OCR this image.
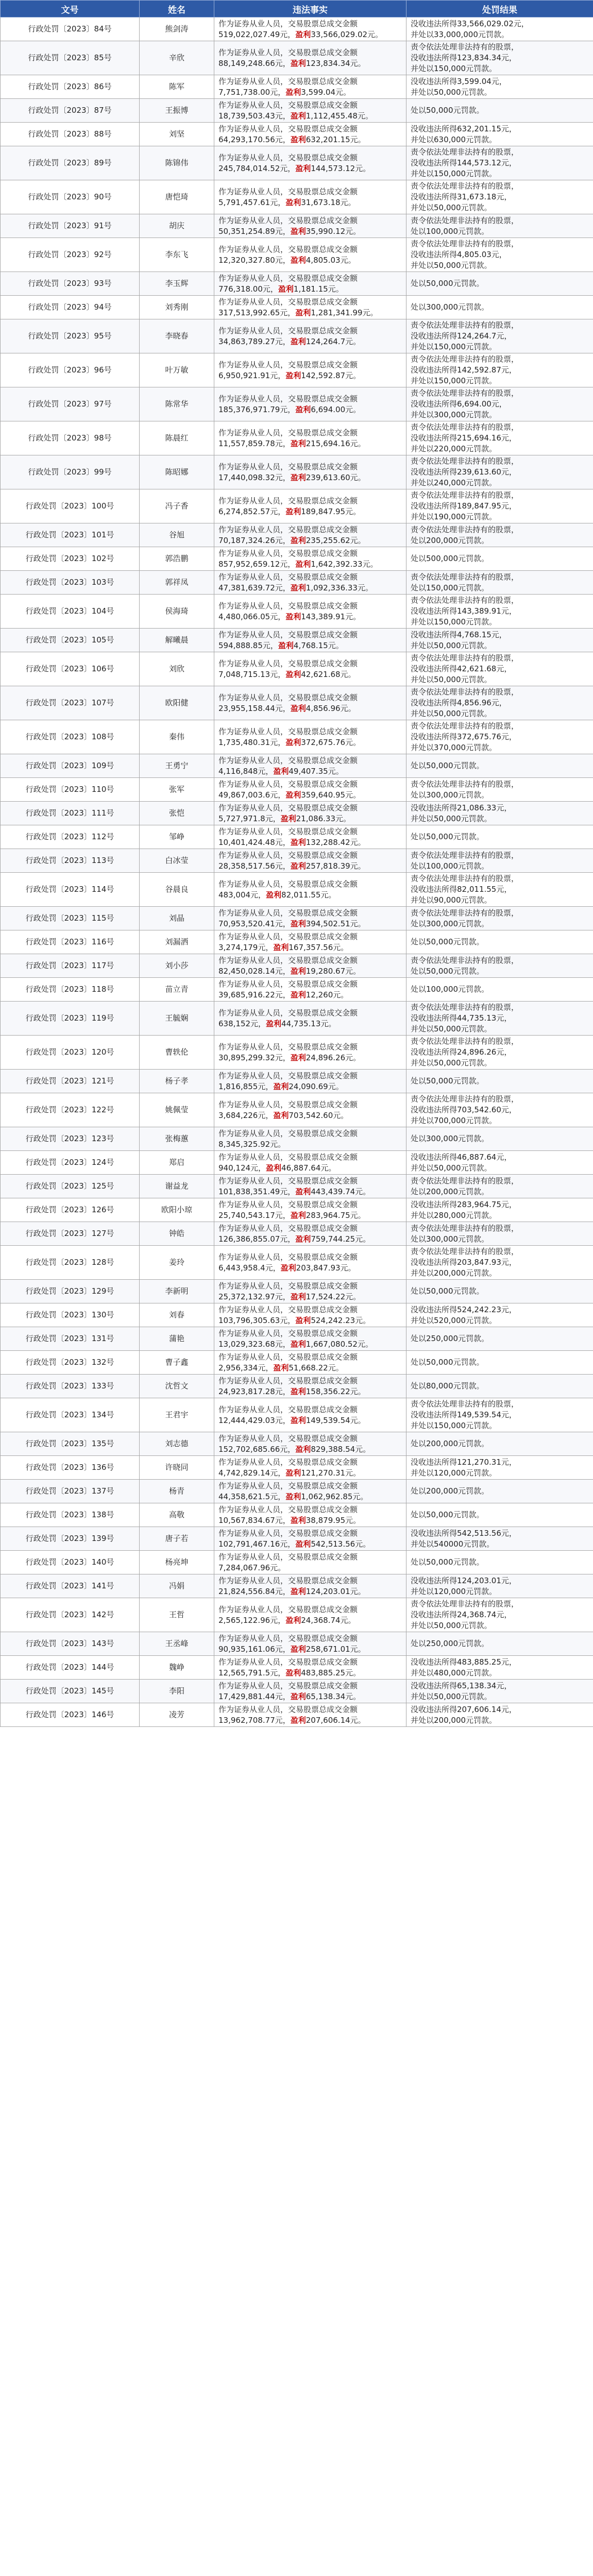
文号	姓名	违法事实	处罚结果
行政处罚〔2023〕84号	熊剑涛	作为证券从业人员，交易股票总成交金额
519,022,027.49元，盈利33,566,029.02元。	没收违法所得33,566,029.02元，
并处以33,000,000元罚款。

行政处罚〔2023〕85号	辛欣	作为证券从业人员，交易股票总成交金额
88,149,248.66元，盈利123,834.34元。	责令依法处理非法持有的股票，
没收违法所得123,834.34元，
并处以150,000元罚款。

行政处罚〔2023〕86号	陈军	作为证券从业人员，交易股票总成交金额
7,751,738.00元，盈利3,599.04元。	没收违法所得3,599.04元，
并处以50,000元罚款。

行政处罚〔2023〕87号	王振博	作为证券从业人员，交易股票总成交金额
18,739,503.43元，盈利1,112,455.48元。	处以50,000元罚款。

行政处罚〔2023〕88号	刘坚	作为证券从业人员，交易股票总成交金额
64,293,170.56元，盈利632,201.15元。	没收违法所得632,201.15元，
并处以630,000元罚款。

行政处罚〔2023〕89号	陈锦伟	作为证券从业人员，交易股票总成交金额
245,784,014.52元，盈利144,573.12元。	责令依法处理非法持有的股票，
没收违法所得144,573.12元，
并处以150,000元罚款。

行政处罚〔2023〕90号	唐恺琦	作为证券从业人员，交易股票总成交金额
5,791,457.61元，盈利31,673.18元。	责令依法处理非法持有的股票，
没收违法所得31,673.18元，
并处以50,000元罚款。

行政处罚〔2023〕91号	胡庆	作为证券从业人员，交易股票总成交金额
50,351,254.89元，盈利35,990.12元。	责令依法处理非法持有的股票，
处以100,000元罚款。

行政处罚〔2023〕92号	李东飞	作为证券从业人员，交易股票总成交金额
12,320,327.80元，盈利4,805.03元。	责令依法处理非法持有的股票，
没收违法所得4,805.03元，
并处以50,000元罚款。

行政处罚〔2023〕93号	李玉辉	作为证券从业人员，交易股票总成交金额
776,318.00元，盈利1,181.15元。	处以50,000元罚款。

行政处罚〔2023〕94号	刘秀刚	作为证券从业人员，交易股票总成交金额
317,513,992.65元，盈利1,281,341.99元。	处以300,000元罚款。

行政处罚〔2023〕95号	李晓春	作为证券从业人员，交易股票总成交金额
34,863,789.27元，盈利124,264.7元。	责令依法处理非法持有的股票，
没收违法所得124,264.7元，
并处以150,000元罚款。

行政处罚〔2023〕96号	叶万敏	作为证券从业人员，交易股票总成交金额
6,950,921.91元，盈利142,592.87元。	责令依法处理非法持有的股票，
没收违法所得142,592.87元，
并处以150,000元罚款。

行政处罚〔2023〕97号	陈常华	作为证券从业人员，交易股票总成交金额
185,376,971.79元，盈利6,694.00元。	责令依法处理非法持有的股票，
没收违法所得6,694.00元，
并处以300,000元罚款。

行政处罚〔2023〕98号	陈晨红	作为证券从业人员，交易股票总成交金额
11,557,859.78元，盈利215,694.16元。	责令依法处理非法持有的股票，
没收违法所得215,694.16元，
并处以220,000元罚款。

行政处罚〔2023〕99号	陈昭娜	作为证券从业人员，交易股票总成交金额
17,440,098.32元，盈利239,613.60元。	责令依法处理非法持有的股票，
没收违法所得239,613.60元，
并处以240,000元罚款。

行政处罚〔2023〕100号	冯子香	作为证券从业人员，交易股票总成交金额
6,274,852.57元，盈利189,847.95元。	责令依法处理非法持有的股票，
没收违法所得189,847.95元，
并处以190,000元罚款。

行政处罚〔2023〕101号	谷旭	作为证券从业人员，交易股票总成交金额
70,187,324.26元，盈利235,255.62元。	责令依法处理非法持有的股票，
处以200,000元罚款。

行政处罚〔2023〕102号	郭浩鹏	作为证券从业人员，交易股票总成交金额
857,952,659.12元，盈利1,642,392.33元。	处以500,000元罚款。

行政处罚〔2023〕103号	郭祥凤	作为证券从业人员，交易股票总成交金额
47,381,639.72元，盈利1,092,336.33元。	责令依法处理非法持有的股票，
处以150,000元罚款。

行政处罚〔2023〕104号	侯海琦	作为证券从业人员，交易股票总成交金额
4,480,066.05元，盈利143,389.91元。	责令依法处理非法持有的股票，
没收违法所得143,389.91元，
并处以150,000元罚款。

行政处罚〔2023〕105号	解曦晨	作为证券从业人员，交易股票总成交金额
594,888.85元，盈利4,768.15元。	没收违法所得4,768.15元，
并处以50,000元罚款。

行政处罚〔2023〕106号	刘欣	作为证券从业人员，交易股票总成交金额
7,048,715.13元，盈利42,621.68元。	责令依法处理非法持有的股票，
没收违法所得42,621.68元，
并处以50,000元罚款。

行政处罚〔2023〕107号	欧阳健	作为证券从业人员，交易股票总成交金额
23,955,158.44元，盈利4,856.96元。	责令依法处理非法持有的股票，
没收违法所得4,856.96元，
并处以50,000元罚款。

行政处罚〔2023〕108号	秦伟	作为证券从业人员，交易股票总成交金额
1,735,480.31元，盈利372,675.76元。	责令依法处理非法持有的股票，
没收违法所得372,675.76元，
并处以370,000元罚款。

行政处罚〔2023〕109号	王勇宁	作为证券从业人员，交易股票总成交金额
4,116,848元，盈利49,407.35元。	处以50,000元罚款。

行政处罚〔2023〕110号	张军	作为证券从业人员，交易股票总成交金额
49,867,003.6元，盈利359,640.95元。	责令依法处理非法持有的股票，
处以300,000元罚款。

行政处罚〔2023〕111号	张恺	作为证券从业人员，交易股票总成交金额
5,727,971.8元，盈利21,086.33元。	没收违法所得21,086.33元，
并处以50,000元罚款。

行政处罚〔2023〕112号	邹峥	作为证券从业人员，交易股票总成交金额
10,401,424.48元，盈利132,288.42元。	处以50,000元罚款。

行政处罚〔2023〕113号	白冰莹	作为证券从业人员，交易股票总成交金额
28,358,517.56元，盈利257,818.39元。	责令依法处理非法持有的股票，
处以100,000元罚款。

行政处罚〔2023〕114号	谷晨良	作为证券从业人员，交易股票总成交金额
483,004元，盈利82,011.55元。	责令依法处理非法持有的股票，
没收违法所得82,011.55元，
并处以90,000元罚款。

行政处罚〔2023〕115号	刘晶	作为证券从业人员，交易股票总成交金额
70,953,520.41元，盈利394,502.51元。	责令依法处理非法持有的股票，
处以300,000元罚款。

行政处罚〔2023〕116号	刘漏洒	作为证券从业人员，交易股票总成交金额
3,274,179元，盈利167,357.56元。	处以50,000元罚款。

行政处罚〔2023〕117号	刘小莎	作为证券从业人员，交易股票总成交金额
82,450,028.14元，盈利19,280.67元。	责令依法处理非法持有的股票，
处以50,000元罚款。

行政处罚〔2023〕118号	苗立青	作为证券从业人员，交易股票总成交金额
39,685,916.22元，盈利12,260元。	处以100,000元罚款。

行政处罚〔2023〕119号	王毓娴	作为证券从业人员，交易股票总成交金额
638,152元，盈利44,735.13元。	责令依法处理非法持有的股票，
没收违法所得44,735.13元，
并处以50,000元罚款。

行政处罚〔2023〕120号	曹轶伦	作为证券从业人员，交易股票总成交金额
30,895,299.32元，盈利24,896.26元。	责令依法处理非法持有的股票，
没收违法所得24,896.26元，
并处以50,000元罚款。

行政处罚〔2023〕121号	杨子孝	作为证券从业人员，交易股票总成交金额
1,816,855元，盈利24,090.69元。	处以50,000元罚款。

行政处罚〔2023〕122号	姚佩莹	作为证券从业人员，交易股票总成交金额
3,684,226元，盈利703,542.60元。	责令依法处理非法持有的股票，
没收违法所得703,542.60元，
并处以700,000元罚款。

行政处罚〔2023〕123号	张梅蕙	作为证券从业人员，交易股票总成交金额
8,345,325.92元。	处以300,000元罚款。

行政处罚〔2023〕124号	郑启	作为证券从业人员，交易股票总成交金额
940,124元，盈利46,887.64元。	没收违法所得46,887.64元，
并处以50,000元罚款。

行政处罚〔2023〕125号	谢益龙	作为证券从业人员，交易股票总成交金额
101,838,351.49元，盈利443,439.74元。	责令依法处理非法持有的股票，
处以200,000元罚款。

行政处罚〔2023〕126号	欧阳小琼	作为证券从业人员，交易股票总成交金额
25,740,543.17元，盈利283,964.75元。	没收违法所得283,964.75元，
并处以280,000元罚款。

行政处罚〔2023〕127号	钟皓	作为证券从业人员，交易股票总成交金额
126,386,855.07元，盈利759,744.25元。	责令依法处理非法持有的股票，
处以300,000元罚款。

行政处罚〔2023〕128号	姜玲	作为证券从业人员，交易股票总成交金额
6,443,958.4元，盈利203,847.93元。	责令依法处理非法持有的股票，
没收违法所得203,847.93元，
并处以200,000元罚款。

行政处罚〔2023〕129号	李新明	作为证券从业人员，交易股票总成交金额
25,372,132.97元，盈利17,524.22元。	处以50,000元罚款。

行政处罚〔2023〕130号	刘春	作为证券从业人员，交易股票总成交金额
103,796,305.63元，盈利524,242.23元。	没收违法所得524,242.23元，
并处以520,000元罚款。

行政处罚〔2023〕131号	蒲艳	作为证券从业人员，交易股票总成交金额
13,029,323.68元，盈利1,667,080.52元。	处以250,000元罚款。

行政处罚〔2023〕132号	曹子鑫	作为证券从业人员，交易股票总成交金额
2,956,334元，盈利51,668.22元。	处以50,000元罚款。

行政处罚〔2023〕133号	沈哲文	作为证券从业人员，交易股票总成交金额
24,923,817.28元，盈利158,356.22元。	处以80,000元罚款。

行政处罚〔2023〕134号	王君宇	作为证券从业人员，交易股票总成交金额
12,444,429.03元，盈利149,539.54元。	责令依法处理非法持有的股票，
没收违法所得149,539.54元，
并处以150,000元罚款。

行政处罚〔2023〕135号	刘志德	作为证券从业人员，交易股票总成交金额
152,702,685.66元，盈利829,388.54元。	处以200,000元罚款。

行政处罚〔2023〕136号	许晓同	作为证券从业人员，交易股票总成交金额
4,742,829.14元，盈利121,270.31元。	没收违法所得121,270.31元，
并处以120,000元罚款。

行政处罚〔2023〕137号	杨青	作为证券从业人员，交易股票总成交金额
44,358,621.5元，盈利1,062,962.85元。	处以200,000元罚款。

行政处罚〔2023〕138号	高敬	作为证券从业人员，交易股票总成交金额
10,567,834.67元，盈利38,879.95元。	处以50,000元罚款。

行政处罚〔2023〕139号	唐子若	作为证券从业人员，交易股票总成交金额
102,791,467.16元，盈利542,513.56元。	没收违法所得542,513.56元，
并处以540000元罚款。

行政处罚〔2023〕140号	杨亮坤	作为证券从业人员，交易股票总成交金额
7,284,067.96元。	处以50,000元罚款。

行政处罚〔2023〕141号	冯娟	作为证券从业人员，交易股票总成交金额
21,824,556.84元，盈利124,203.01元。	没收违法所得124,203.01元，
并处以120,000元罚款。

行政处罚〔2023〕142号	王哲	作为证券从业人员，交易股票总成交金额
2,565,122.96元，盈利24,368.74元。	责令依法处理非法持有的股票，
没收违法所得24,368.74元，
并处以50,000元罚款。

行政处罚〔2023〕143号	王丞峰	作为证券从业人员，交易股票总成交金额
90,935,161.06元，盈利258,671.01元。	处以250,000元罚款。

行政处罚〔2023〕144号	魏峥	作为证券从业人员，交易股票总成交金额
12,565,791.5元，盈利483,885.25元。	没收违法所得483,885.25元，
并处以480,000元罚款。

行政处罚〔2023〕145号	李阳	作为证券从业人员，交易股票总成交金额
17,429,881.44元，盈利65,138.34元。	没收违法所得65,138.34元，
并处以50,000元罚款。

行政处罚〔2023〕146号	凌芳	作为证券从业人员，交易股票总成交金额
13,962,708.77元，盈利207,606.14元。	没收违法所得207,606.14元，
并处以200,000元罚款。
